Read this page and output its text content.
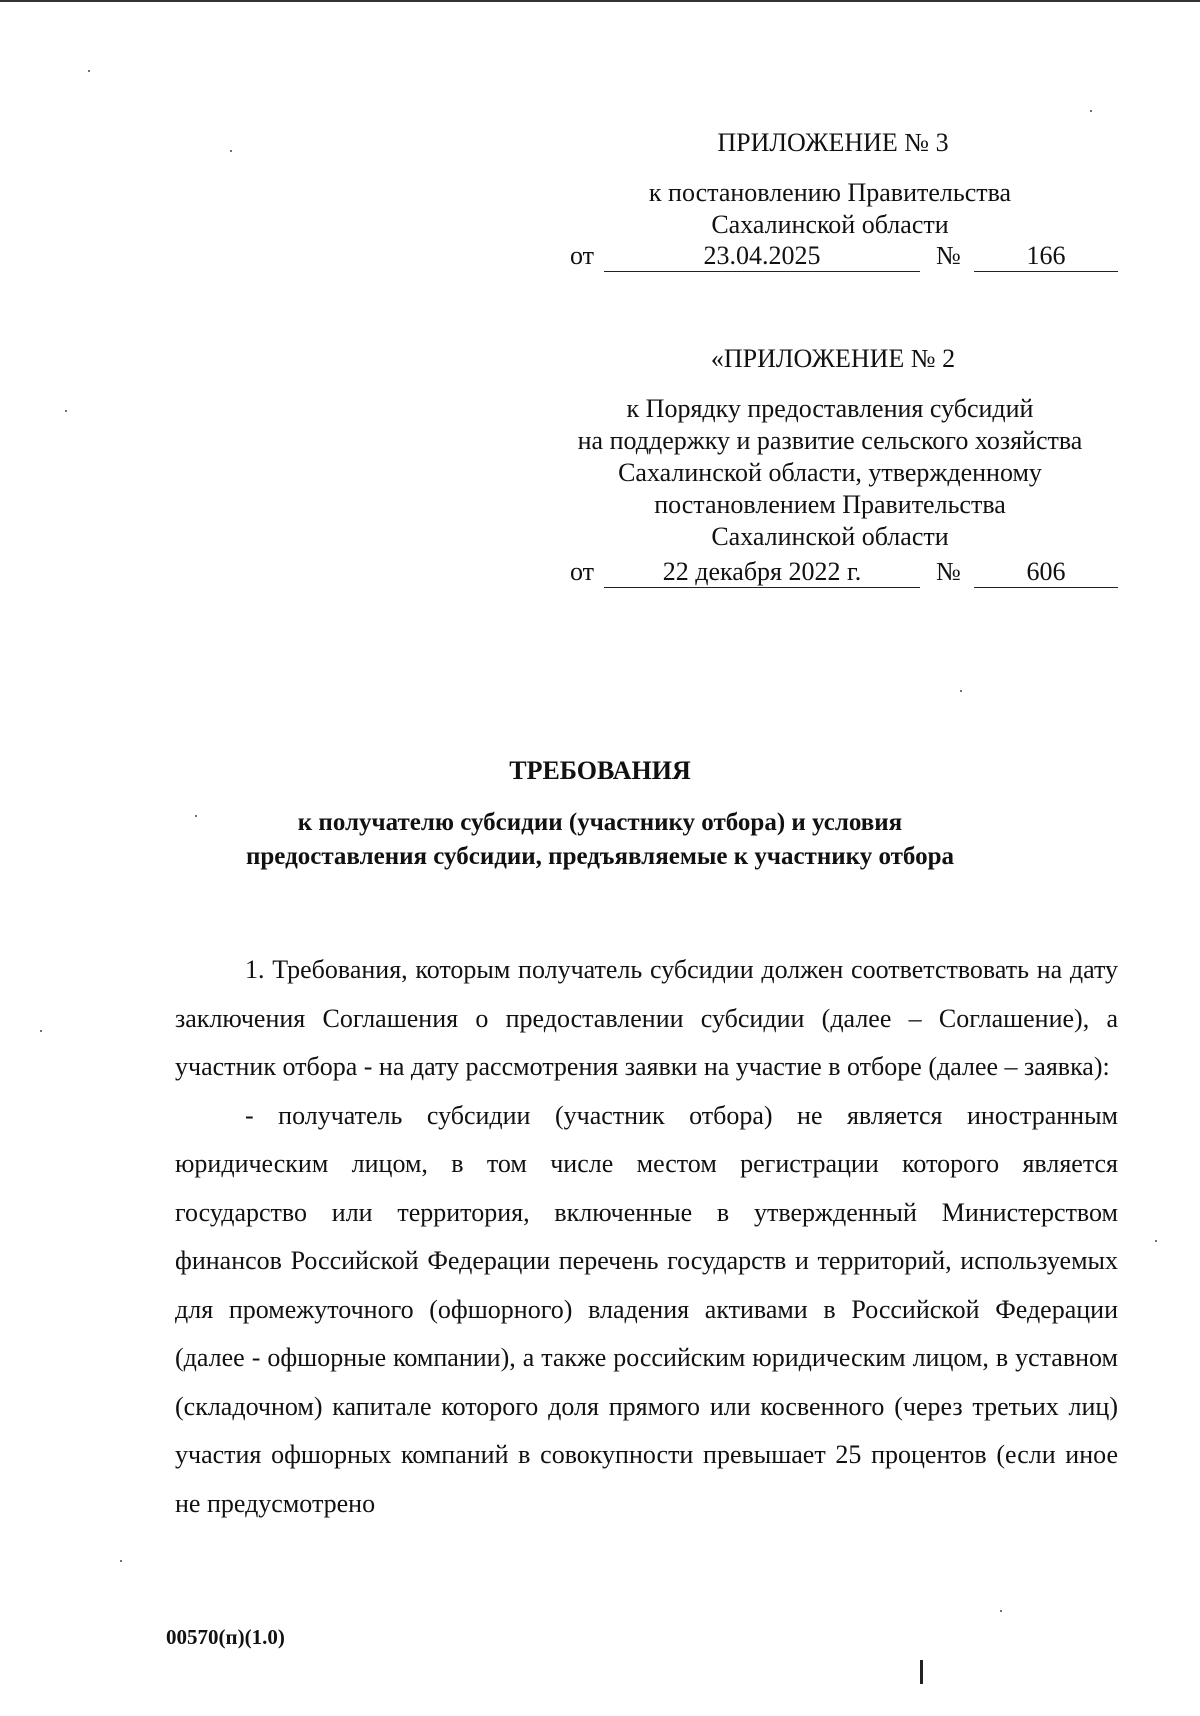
ПРИЛОЖЕНИЕ № 3
к постановлению Правительства
Сахалинской области
от	23.04.2025	№	166
«ПРИЛОЖЕНИЕ № 2
к Порядку предоставления субсидий
на поддержку и развитие сельского хозяйства
Сахалинской области, утвержденному
постановлением Правительства
Сахалинской области
от	22 декабря 2022 г.	№	606
ТРЕБОВАНИЯ
к получателю субсидии (участнику отбора) и условия
предоставления субсидии, предъявляемые к участнику отбора

1. Требования, которым получатель субсидии должен соответствовать на дату заключения Соглашения о предоставлении субсидии (далее – Соглашение), а участник отбора - на дату рассмотрения заявки на участие в отборе (далее – заявка):

- получатель субсидии (участник отбора) не является иностранным юридическим лицом, в том числе местом регистрации которого является государство или территория, включенные в утвержденный Министерством финансов Российской Федерации перечень государств и территорий, используемых для промежуточного (офшорного) владения активами в Российской Федерации (далее - офшорные компании), а также российским юридическим лицом, в уставном (складочном) капитале которого доля прямого или косвенного (через третьих лиц) участия офшорных компаний в совокупности превышает 25 процентов (если иное не предусмотрено

00570(п)(1.0)
